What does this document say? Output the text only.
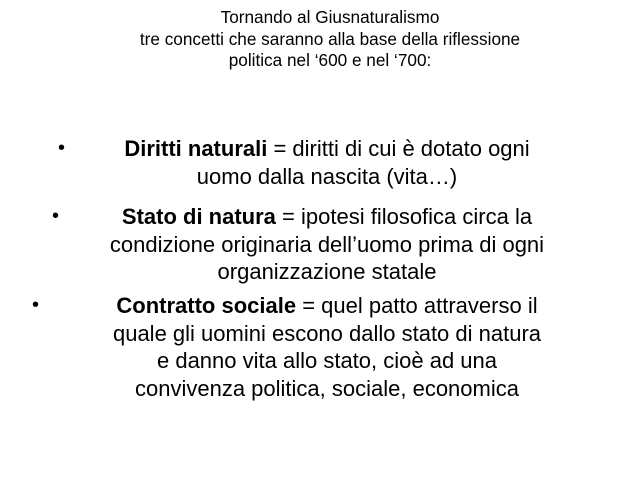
Tornando al Giusnaturalismo
tre concetti che saranno alla base della riflessione
politica nel ‘600 e nel ‘700:
•	Diritti naturali = diritti di cui è dotato ogni
uomo dalla nascita (vita…)
•	Stato di natura = ipotesi filosofica circa la
condizione originaria dell’uomo prima di ogni
organizzazione statale
•	Contratto sociale = quel patto attraverso il
quale gli uomini escono dallo stato di natura
e danno vita allo stato, cioè ad una
convivenza politica, sociale, economica
